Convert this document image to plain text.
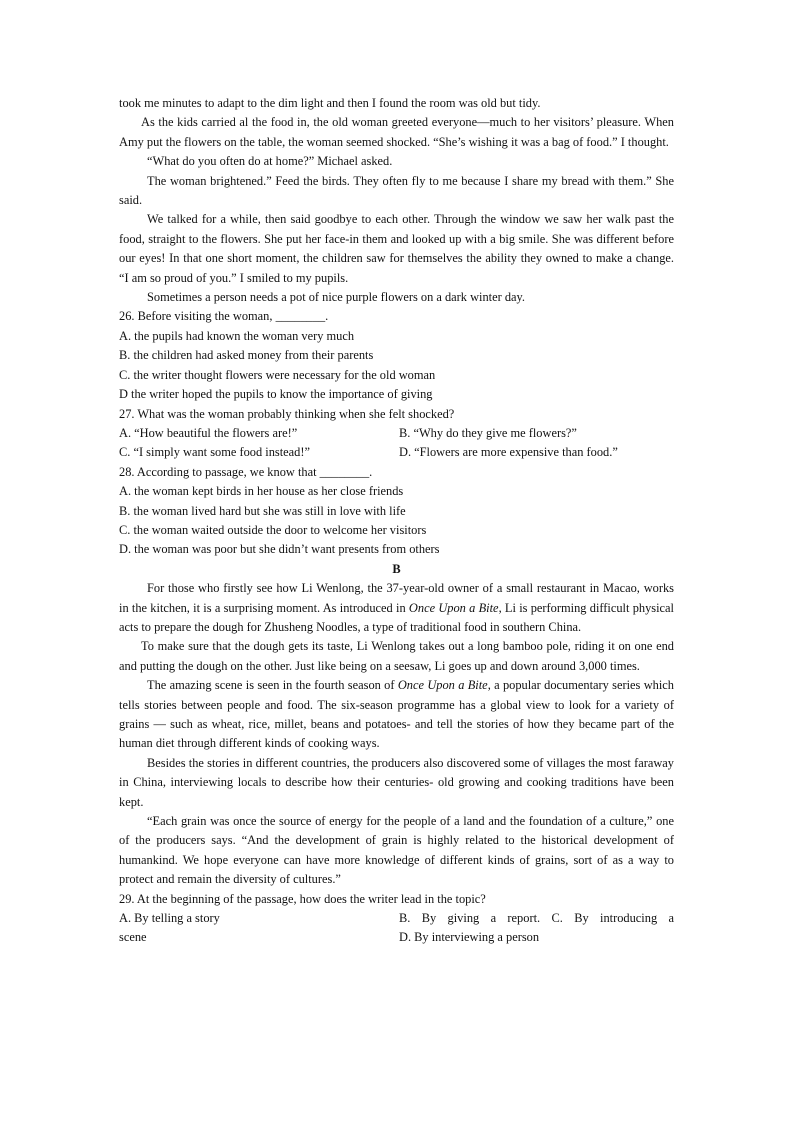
took me minutes to adapt to the dim light and then I found the room was old but tidy.

As the kids carried al the food in, the old woman greeted everyone—much to her visitors’ pleasure. When Amy put the flowers on the table, the woman seemed shocked. “She’s wishing it was a bag of food.” I thought.

“What do you often do at home?” Michael asked.

The woman brightened.” Feed the birds. They often fly to me because I share my bread with them.” She said.

We talked for a while, then said goodbye to each other. Through the window we saw her walk past the food, straight to the flowers. She put her face-in them and looked up with a big smile. She was different before our eyes! In that one short moment, the children saw for themselves the ability they owned to make a change. “I am so proud of you.” I smiled to my pupils.

Sometimes a person needs a pot of nice purple flowers on a dark winter day.

26. Before visiting the woman, ________.

A. the pupils had known the woman very much

B. the children had asked money from their parents

C. the writer thought flowers were necessary for the old woman

D the writer hoped the pupils to know the importance of giving

27. What was the woman probably thinking when she felt shocked?

A. “How beautiful the flowers are!”	B. “Why do they give me flowers?”
C. “I simply want some food instead!”	D. “Flowers are more expensive than food.”

28. According to passage, we know that ________.

A. the woman kept birds in her house as her close friends

B. the woman lived hard but she was still in love with life

C. the woman waited outside the door to welcome her visitors

D. the woman was poor but she didn’t want presents from others

B

For those who firstly see how Li Wenlong, the 37-year-old owner of a small restaurant in Macao, works in the kitchen, it is a surprising moment. As introduced in Once Upon a Bite, Li is performing difficult physical acts to prepare the dough for Zhusheng Noodles, a type of traditional food in southern China.

To make sure that the dough gets its taste, Li Wenlong takes out a long bamboo pole, riding it on one end and putting the dough on the other. Just like being on a seesaw, Li goes up and down around 3,000 times.

The amazing scene is seen in the fourth season of Once Upon a Bite, a popular documentary series which tells stories between people and food. The six-season programme has a global view to look for a variety of grains — such as wheat, rice, millet, beans and potatoes- and tell the stories of how they became part of the human diet through different kinds of cooking ways.

Besides the stories in different countries, the producers also discovered some of villages the most faraway in China, interviewing locals to describe how their centuries- old growing and cooking traditions have been kept.

“Each grain was once the source of energy for the people of a land and the foundation of a culture,” one of the producers says. “And the development of grain is highly related to the historical development of humankind. We hope everyone can have more knowledge of different kinds of grains, sort of as a way to protect and remain the diversity of cultures.”

29. At the beginning of the passage, how does the writer lead in the topic?

A. By telling a story	B. By giving a report. C. By introducing a
scene	D. By interviewing a person
